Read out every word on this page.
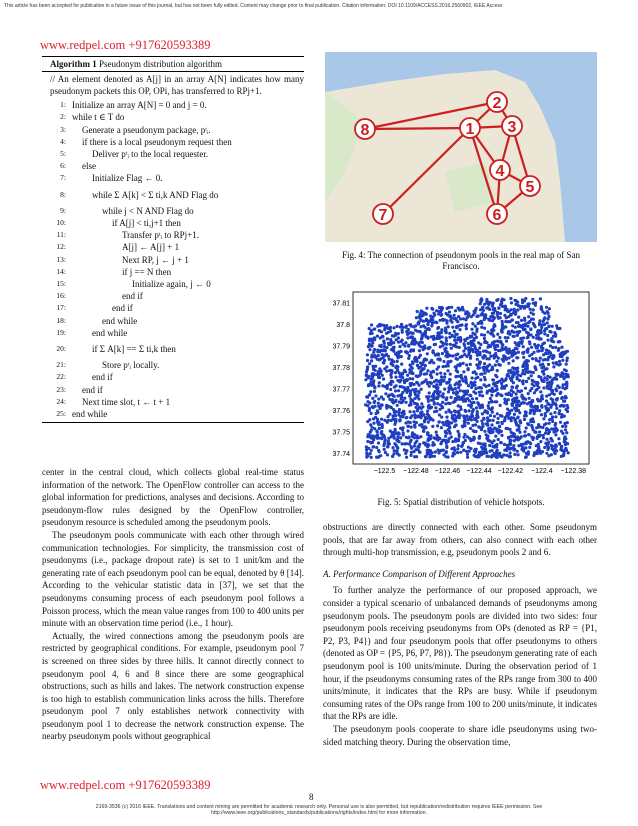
This article has been accepted for publication in a future issue of this journal, but has not been fully edited. Content may change prior to final publication. Citation information: DOI 10.1109/ACCESS.2016.2560902, IEEE Access
www.redpel.com +917620593389
Algorithm 1 Pseudonym distribution algorithm
// An element denoted as A[j] in an array A[N] indicates how many pseudonym packets this OP, OPi, has transferred to RPj+1.
1: Initialize an array A[N] = 0 and j = 0.
2: while t ∈ T do
3:	Generate a pseudonym package, pᵗᵢ.
4:	if there is a local pseudonym request then
5:	Deliver pᵗᵢ to the local requester.
6:	else
7:	Initialize Flag ← 0.
8:	while Σ A[k] < Σ ti,k AND Flag do
9:	while j < N AND Flag do
10:	if A[j] < ti,j+1 then
11:	Transfer pᵗᵢ to RPj+1.
12:	A[j] ← A[j] + 1
13:	Next RP, j ← j + 1
14:	if j == N then
15:	Initialize again, j ← 0
16:	end if
17:	end if
18:	end while
19:	end while
20:	if Σ A[k] == Σ ti,k then
21:	Store pᵗᵢ locally.
22:	end if
23:	end if
24:	Next time slot, t ← t + 1
25: end while
center in the central cloud, which collects global real-time status information of the network. The OpenFlow controller can access to the global information for predictions, analyses and decisions. According to pseudonym-flow rules designed by the OpenFlow controller, pseudonym resource is scheduled among the pseudonym pools.
The pseudonym pools communicate with each other through wired communication technologies. For simplicity, the transmission cost of pseudonyms (i.e., package dropout rate) is set to 1 unit/km and the generating rate of each pseudonym pool can be equal, denoted by θ [14]. According to the vehicular statistic data in [37], we set that the pseudonyms consuming process of each pseudonym pool follows a Poisson process, which the mean value ranges from 100 to 400 units per minute with an observation time period (i.e., 1 hour).
Actually, the wired connections among the pseudonym pools are restricted by geographical conditions. For example, pseudonym pool 7 is screened on three sides by three hills. It cannot directly connect to pseudonym pool 4, 6 and 8 since there are some geographical obstructions, such as hills and lakes. The network construction expense is too high to establish communication links across the hills. Therefore pseudonym pool 7 only establishes network connectivity with pseudonym pool 1 to decrease the network construction expense. The nearby pseudonym pools without geographical
1
2
3
4
5
6
7
8
Fig. 4: The connection of pseudonym pools in the real map of San Francisco.
37.81
37.8
37.79
37.78
37.77
37.76
37.75
37.74
−122.5 −122.48 −122.46 −122.44 −122.42 −122.4 −122.38
Fig. 5: Spatial distribution of vehicle hotspots.
obstructions are directly connected with each other. Some pseudonym pools, that are far away from others, can also connect with each other through multi-hop transmission, e.g, pseudonym pools 2 and 6.
A. Performance Comparison of Different Approaches
To further analyze the performance of our proposed approach, we consider a typical scenario of unbalanced demands of pseudonyms among pseudonym pools. The pseudonym pools are divided into two sides: four pseudonym pools receiving pseudonyms from OPs (denoted as RP = {P1, P2, P3, P4}) and four pseudonym pools that offer pseudonyms to others (denoted as OP = {P5, P6, P7, P8}). The pseudonym generating rate of each pseudonym pool is 100 units/minute. During the observation period of 1 hour, if the pseudonyms consuming rates of the RPs range from 300 to 400 units/minute, it indicates that the RPs are busy. While if pseudonym consuming rates of the OPs range from 100 to 200 units/minute, it indicates that the RPs are idle.
The pseudonym pools cooperate to share idle pseudonyms using two-sided matching theory. During the observation time,
www.redpel.com +917620593389
8
2169-3536 (c) 2016 IEEE. Translations and content mining are permitted for academic research only. Personal use is also permitted, but republication/redistribution requires IEEE permission. See http://www.ieee.org/publications_standards/publications/rights/index.html for more information.
